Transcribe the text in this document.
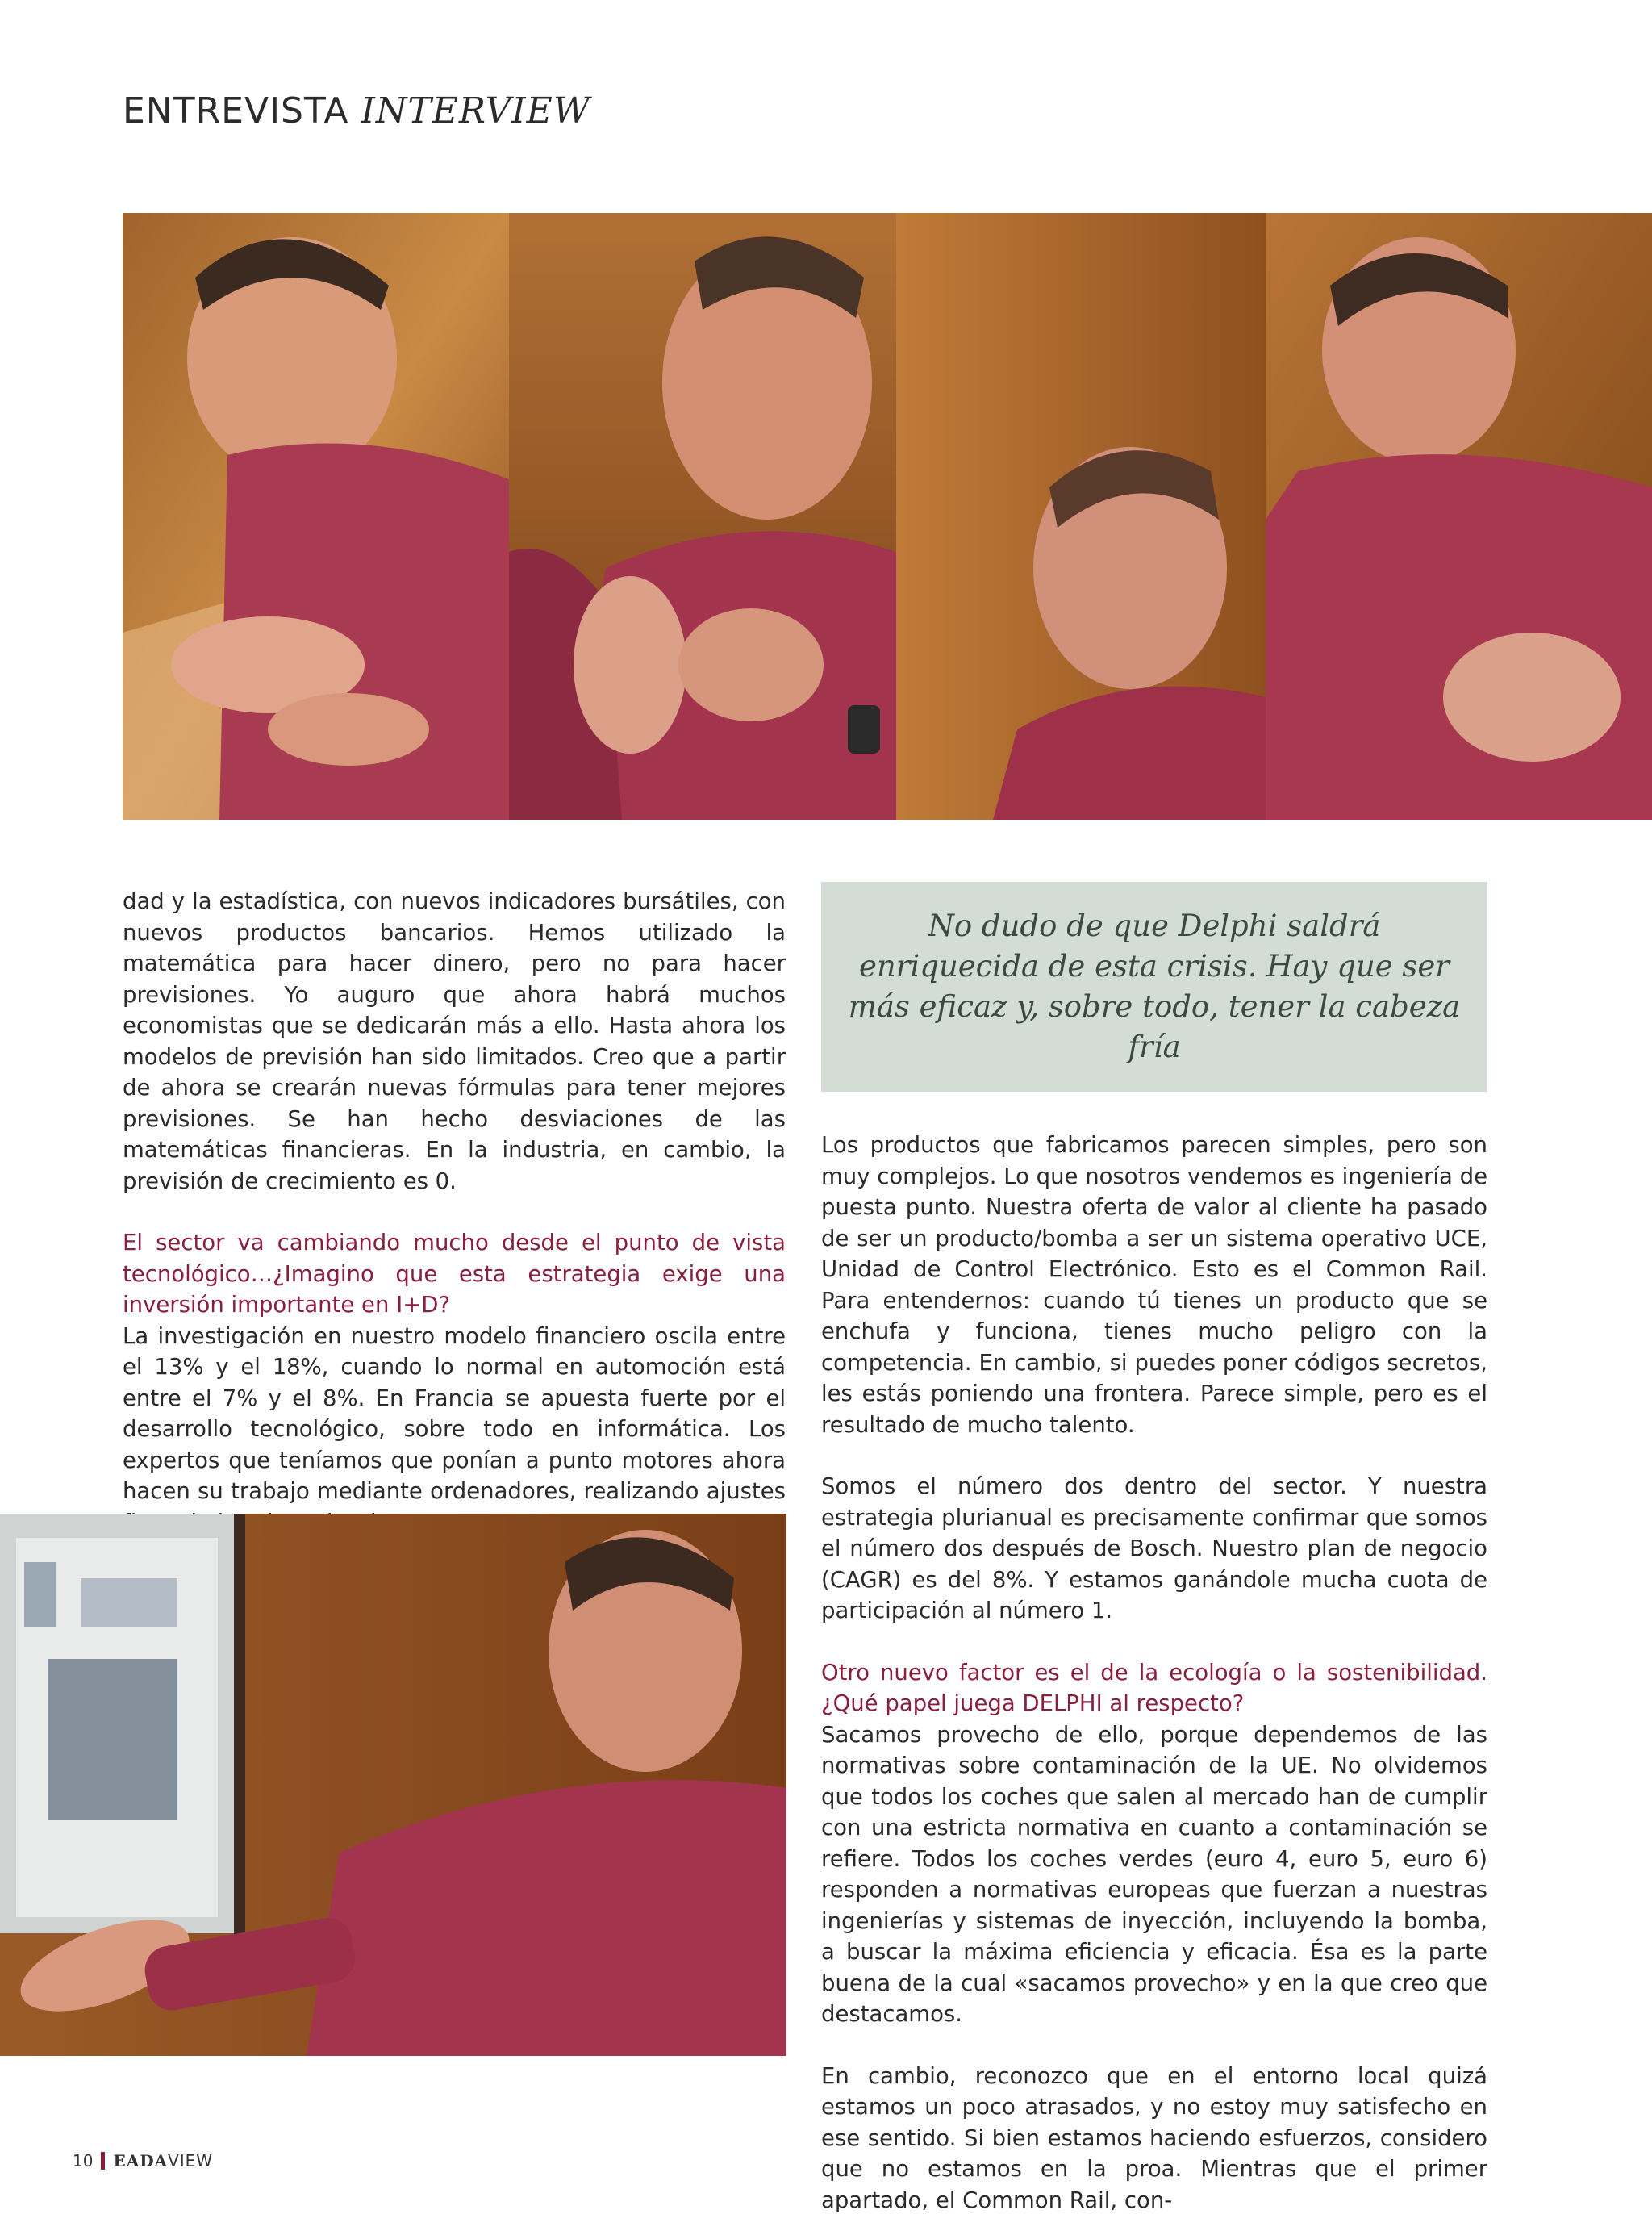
ENTREVISTA INTERVIEW

dad y la estadística, con nuevos indicadores bursátiles, con nuevos productos bancarios. Hemos utilizado la matemática para hacer dinero, pero no para hacer previsiones. Yo auguro que ahora habrá muchos economistas que se dedicarán más a ello. Hasta ahora los modelos de previsión han sido limitados. Creo que a partir de ahora se crearán nuevas fórmulas para tener mejores previsiones. Se han hecho desviaciones de las matemáticas financieras. En la industria, en cambio, la previsión de crecimiento es 0.

El sector va cambiando mucho desde el punto de vista tecnológico…¿Imagino que esta estrategia exige una inversión importante en I+D?

La investigación en nuestro modelo financiero oscila entre el 13% y el 18%, cuando lo normal en automoción está entre el 7% y el 8%. En Francia se apuesta fuerte por el desarrollo tecnológico, sobre todo en informática. Los expertos que teníamos que ponían a punto motores ahora hacen su trabajo mediante ordenadores, realizando ajustes

No dudo de que Delphi saldrá enriquecida de esta crisis. Hay que ser más eficaz y, sobre todo, tener la cabeza fría

Los productos que fabricamos parecen simples, pero son muy complejos. Lo que nosotros vendemos es ingeniería de puesta punto. Nuestra oferta de valor al cliente ha pasado de ser un producto/bomba a ser un sistema operativo UCE, Unidad de Control Electrónico. Esto es el Common Rail. Para entendernos: cuando tú tienes un producto que se enchufa y funciona, tienes mucho peligro con la competencia. En cambio, si puedes poner códigos secretos, les estás poniendo una frontera. Parece simple, pero es el resultado de mucho talento.

Somos el número dos dentro del sector. Y nuestra estrategia plurianual es precisamente confirmar que somos el número dos después de Bosch. Nuestro plan de negocio (CAGR) es del 8%. Y estamos ganándole mucha cuota de participación al número 1.

Otro nuevo factor es el de la ecología o la sostenibilidad. ¿Qué papel juega DELPHI al respecto?

Sacamos provecho de ello, porque dependemos de las normativas sobre contaminación de la UE. No olvidemos que todos los coches que salen al mercado han de cumplir con una estricta normativa en cuanto a contaminación se refiere. Todos los coches verdes (euro 4, euro 5, euro 6) responden a normativas europeas que fuerzan a nuestras ingenierías y sistemas de inyección, incluyendo la bomba, a buscar la máxima eficiencia y eficacia. Ésa es la parte buena de la cual «sacamos provecho» y en la que creo que destacamos.

En cambio, reconozco que en el entorno local quizá estamos un poco atrasados, y no estoy muy satisfecho en ese sentido. Si bien estamos haciendo esfuerzos, considero que no estamos en la proa. Mientras que el primer apartado, el Common Rail, con-

10 EADAVIEW
